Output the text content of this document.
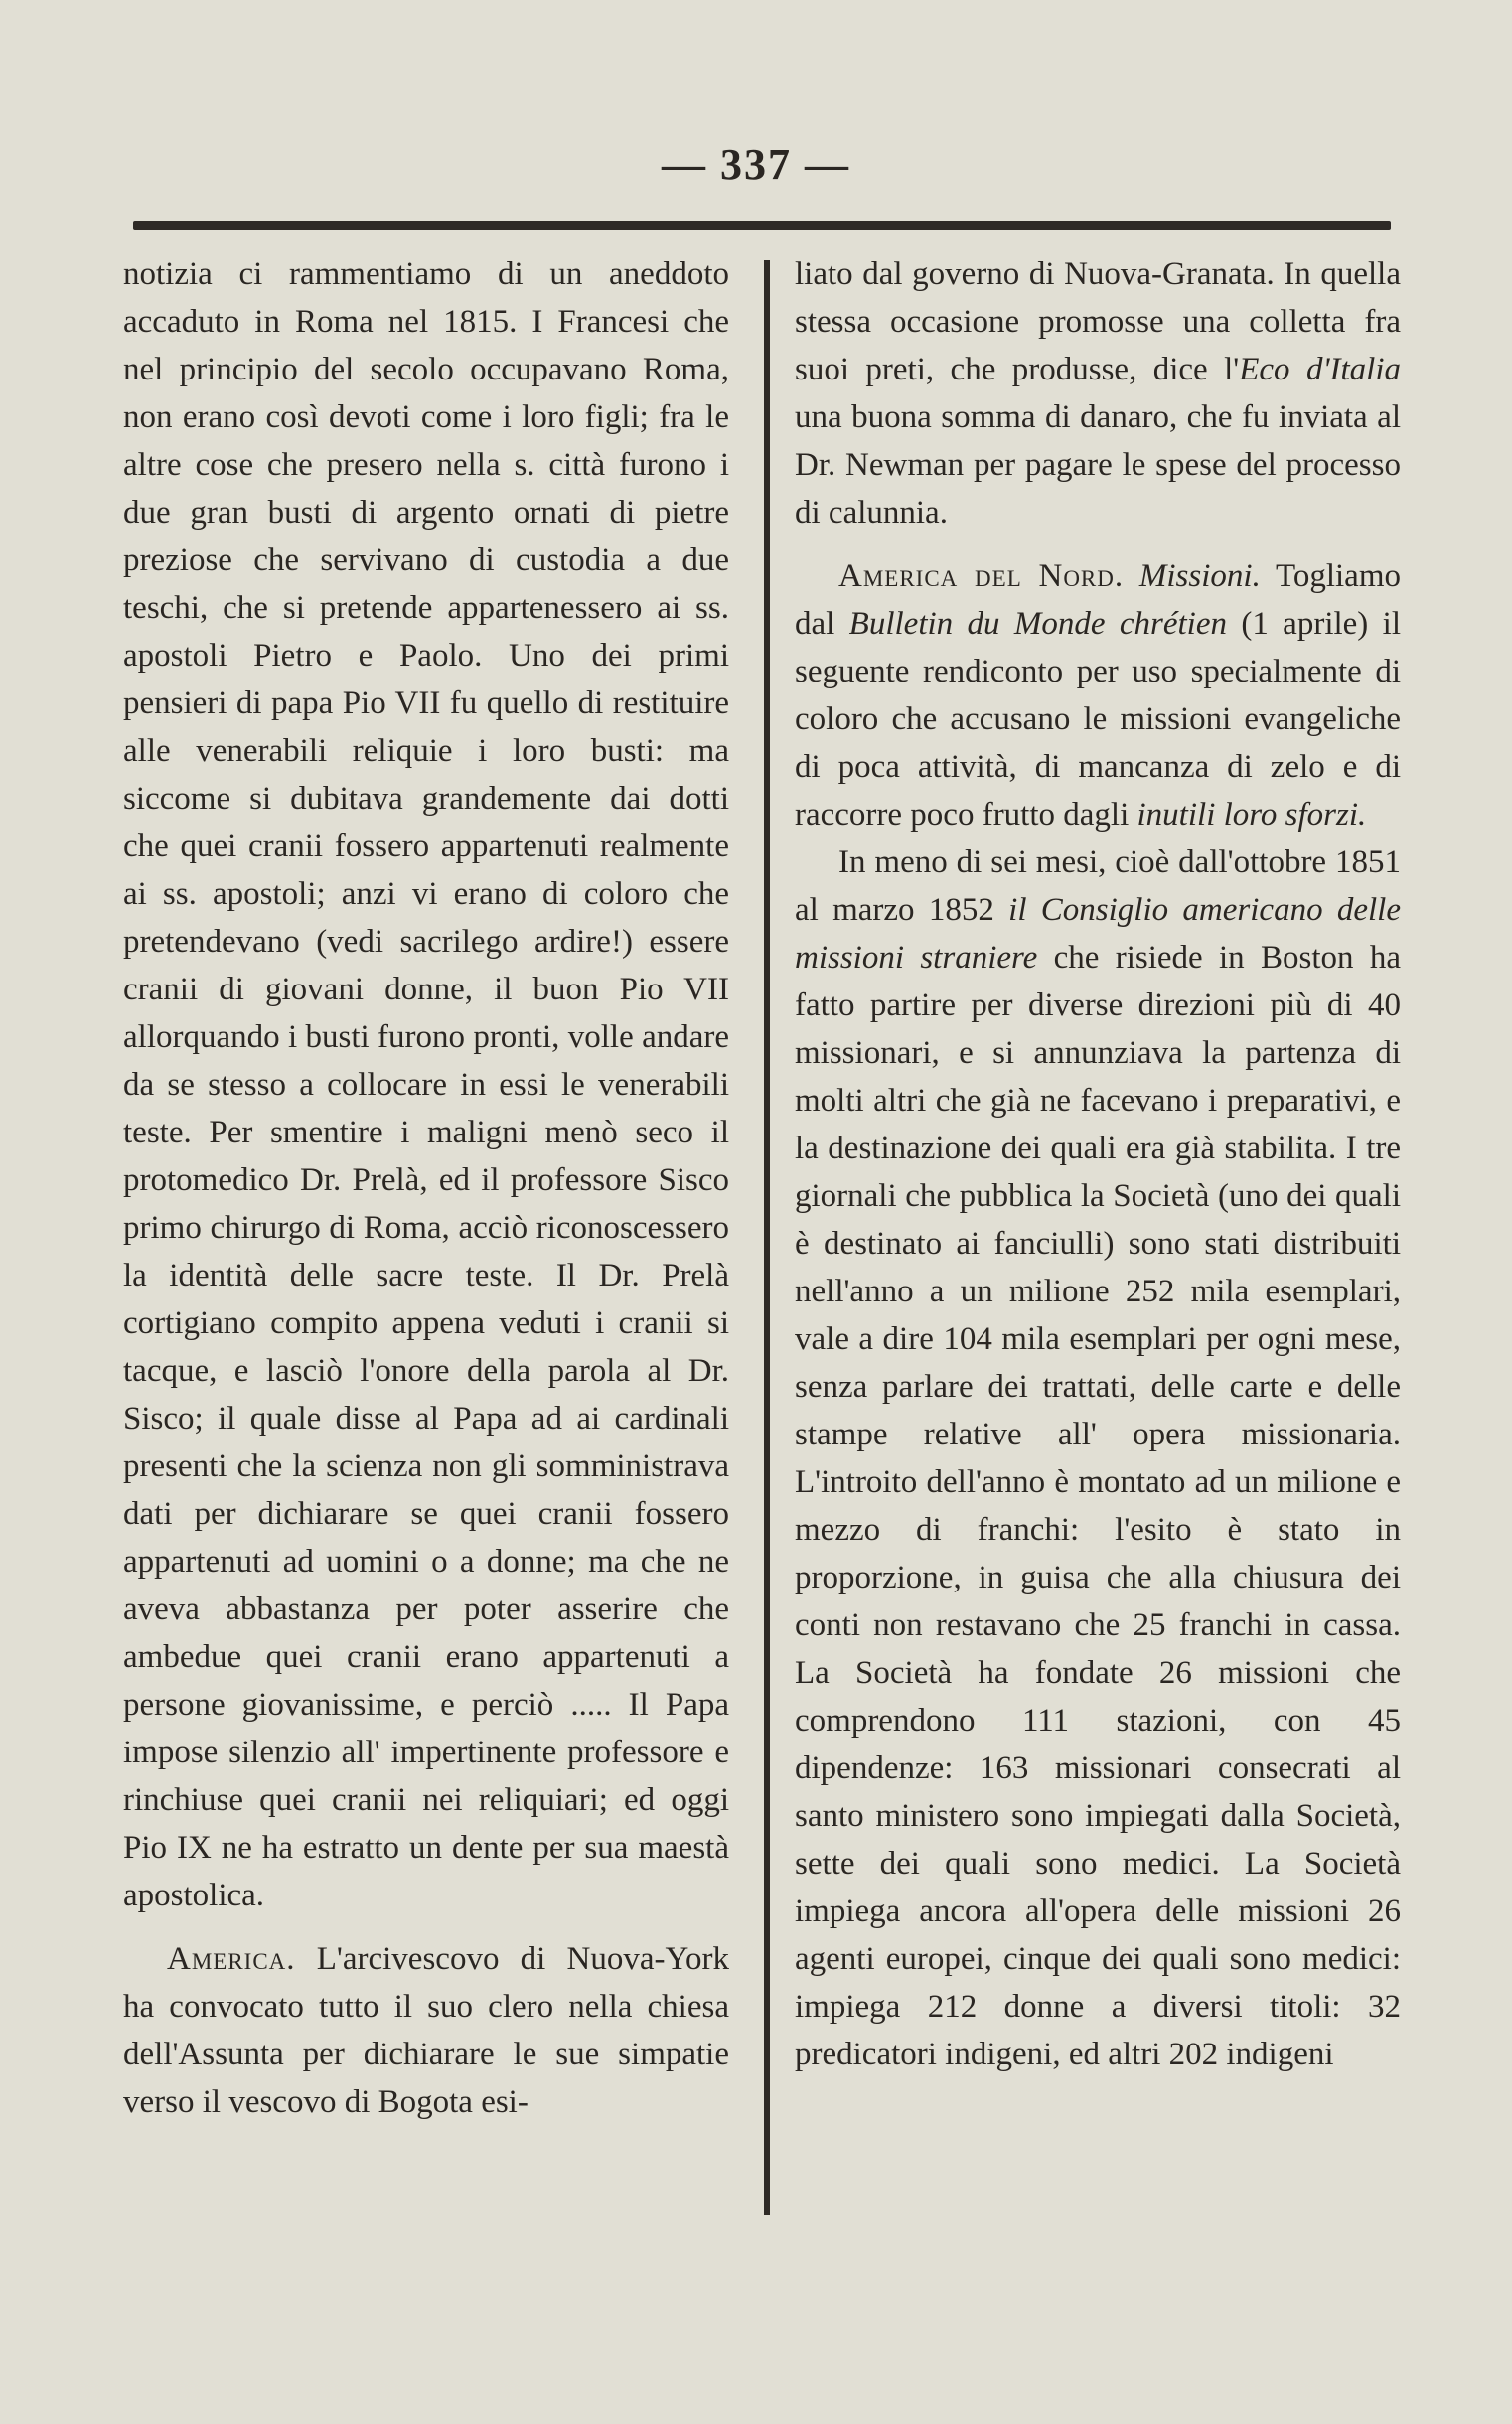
— 337 —

notizia ci rammentiamo di un aneddoto accaduto in Roma nel 1815. I Francesi che nel principio del secolo occupavano Roma, non erano così devoti come i loro figli; fra le altre cose che presero nella s. città furono i due gran busti di argento ornati di pietre preziose che servivano di custodia a due teschi, che si pretende appartenessero ai ss. apostoli Pietro e Paolo. Uno dei primi pensieri di papa Pio VII fu quello di restituire alle venerabili reliquie i loro busti: ma siccome si dubitava grandemente dai dotti che quei cranii fossero appartenuti realmente ai ss. apostoli; anzi vi erano di coloro che pretendevano (vedi sacrilego ardire!) essere cranii di giovani donne, il buon Pio VII allorquando i busti furono pronti, volle andare da se stesso a collocare in essi le venerabili teste. Per smentire i maligni menò seco il protomedico Dr. Prelà, ed il professore Sisco primo chirurgo di Roma, acciò riconoscessero la identità delle sacre teste. Il Dr. Prelà cortigiano compito appena veduti i cranii si tacque, e lasciò l'onore della parola al Dr. Sisco; il quale disse al Papa ad ai cardinali presenti che la scienza non gli somministrava dati per dichiarare se quei cranii fossero appartenuti ad uomini o a donne; ma che ne aveva abbastanza per poter asserire che ambedue quei cranii erano appartenuti a persone giovanissime, e perciò ..... Il Papa impose silenzio all' impertinente professore e rinchiuse quei cranii nei reliquiari; ed oggi Pio IX ne ha estratto un dente per sua maestà apostolica.

America. L'arcivescovo di Nuova-York ha convocato tutto il suo clero nella chiesa dell'Assunta per dichiarare le sue simpatie verso il vescovo di Bogota esi-

liato dal governo di Nuova-Granata. In quella stessa occasione promosse una colletta fra suoi preti, che produsse, dice l'Eco d'Italia una buona somma di danaro, che fu inviata al Dr. Newman per pagare le spese del processo di calunnia.

America del Nord. Missioni. Togliamo dal Bulletin du Monde chrétien (1 aprile) il seguente rendiconto per uso specialmente di coloro che accusano le missioni evangeliche di poca attività, di mancanza di zelo e di raccorre poco frutto dagli inutili loro sforzi.

In meno di sei mesi, cioè dall'ottobre 1851 al marzo 1852 il Consiglio americano delle missioni straniere che risiede in Boston ha fatto partire per diverse direzioni più di 40 missionari, e si annunziava la partenza di molti altri che già ne facevano i preparativi, e la destinazione dei quali era già stabilita. I tre giornali che pubblica la Società (uno dei quali è destinato ai fanciulli) sono stati distribuiti nell'anno a un milione 252 mila esemplari, vale a dire 104 mila esemplari per ogni mese, senza parlare dei trattati, delle carte e delle stampe relative all' opera missionaria. L'introito dell'anno è montato ad un milione e mezzo di franchi: l'esito è stato in proporzione, in guisa che alla chiusura dei conti non restavano che 25 franchi in cassa. La Società ha fondate 26 missioni che comprendono 111 stazioni, con 45 dipendenze: 163 missionari consecrati al santo ministero sono impiegati dalla Società, sette dei quali sono medici. La Società impiega ancora all'opera delle missioni 26 agenti europei, cinque dei quali sono medici: impiega 212 donne a diversi titoli: 32 predicatori indigeni, ed altri 202 indigeni
